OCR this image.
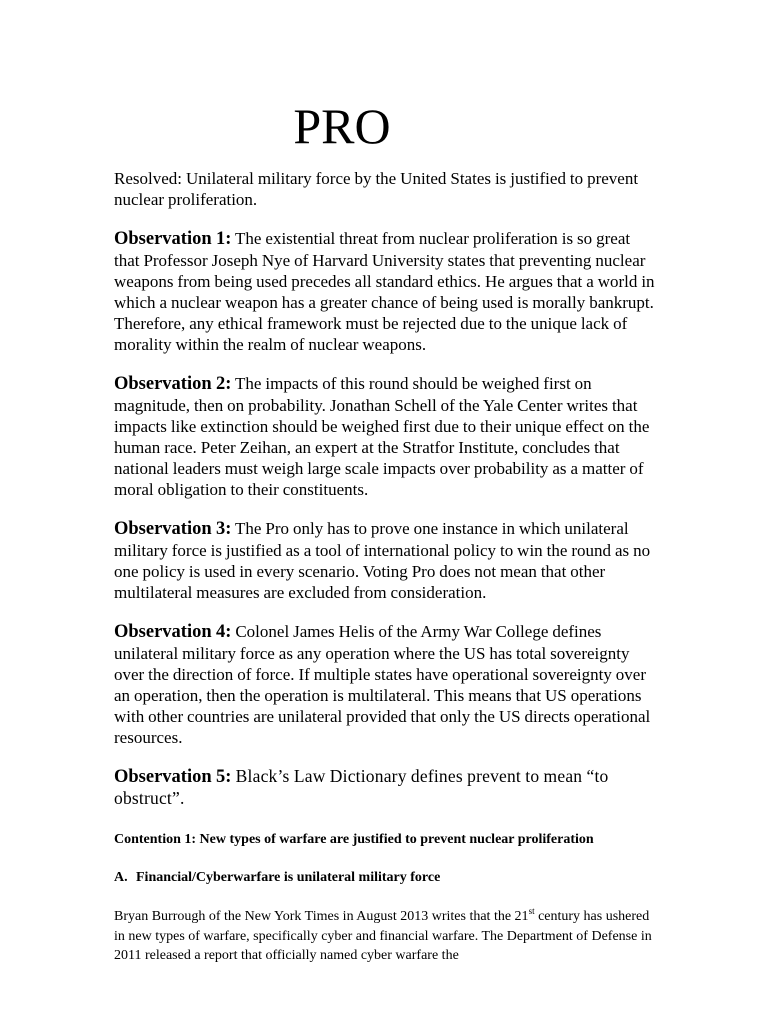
PRO

Resolved: Unilateral military force by the United States is justified to prevent nuclear proliferation.

Observation 1: The existential threat from nuclear proliferation is so great that Professor Joseph Nye of Harvard University states that preventing nuclear weapons from being used precedes all standard ethics. He argues that a world in which a nuclear weapon has a greater chance of being used is morally bankrupt. Therefore, any ethical framework must be rejected due to the unique lack of morality within the realm of nuclear weapons.

Observation 2: The impacts of this round should be weighed first on magnitude, then on probability. Jonathan Schell of the Yale Center writes that impacts like extinction should be weighed first due to their unique effect on the human race. Peter Zeihan, an expert at the Stratfor Institute, concludes that national leaders must weigh large scale impacts over probability as a matter of moral obligation to their constituents.

Observation 3: The Pro only has to prove one instance in which unilateral military force is justified as a tool of international policy to win the round as no one policy is used in every scenario. Voting Pro does not mean that other multilateral measures are excluded from consideration.

Observation 4: Colonel James Helis of the Army War College defines unilateral military force as any operation where the US has total sovereignty over the direction of force. If multiple states have operational sovereignty over an operation, then the operation is multilateral. This means that US operations with other countries are unilateral provided that only the US directs operational resources.

Observation 5: Black’s Law Dictionary defines prevent to mean “to obstruct”.

Contention 1: New types of warfare are justified to prevent nuclear proliferation

A. Financial/Cyberwarfare is unilateral military force

Bryan Burrough of the New York Times in August 2013 writes that the 21st century has ushered in new types of warfare, specifically cyber and financial warfare. The Department of Defense in 2011 released a report that officially named cyber warfare the
